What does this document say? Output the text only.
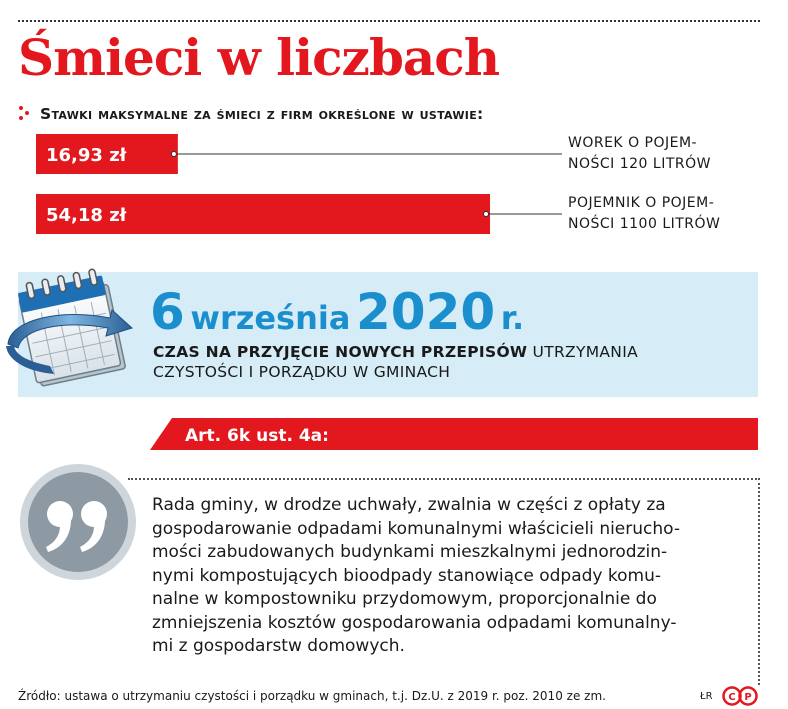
Śmieci w liczbach
Stawki maksymalne za śmieci z firm określone w ustawie:
16,93 zł
WOREK O POJEM-
NOŚCI 120 LITRÓW
54,18 zł
POJEMNIK O POJEM-
NOŚCI 1100 LITRÓW
6 września 2020 r.
CZAS NA PRZYJĘCIE NOWYCH PRZEPISÓW UTRZYMANIA CZYSTOŚCI I PORZĄDKU W GMINACH
Art. 6k ust. 4a:
Rada gminy, w drodze uchwały, zwalnia w części z opłaty za
gospodarowanie odpadami komunalnymi właścicieli nierucho-
mości zabudowanych budynkami mieszkalnymi jednorodzin-
nymi kompostujących bioodpady stanowiące odpady komu-
nalne w kompostowniku przydomowym, proporcjonalnie do
zmniejszenia kosztów gospodarowania odpadami komunalny-
mi z gospodarstw domowych.
Źródło: ustawa o utrzymaniu czystości i porządku w gminach, t.j. Dz.U. z 2019 r. poz. 2010 ze zm.	ŁR C P
